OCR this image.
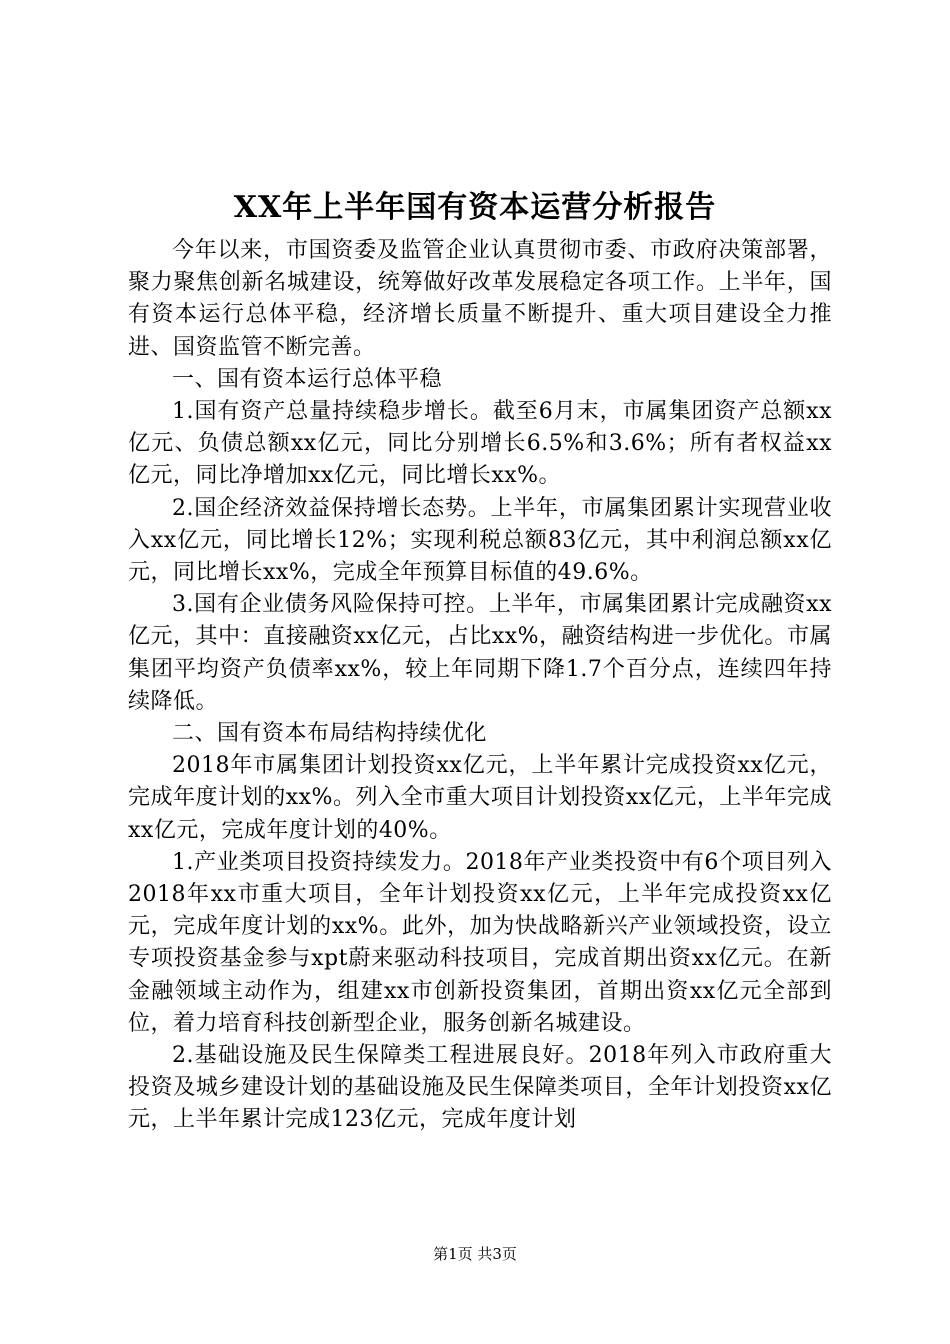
XX年上半年国有资本运营分析报告

今年以来，市国资委及监管企业认真贯彻市委、市政府决策部署，聚力聚焦创新名城建设，统筹做好改革发展稳定各项工作。上半年，国有资本运行总体平稳，经济增长质量不断提升、重大项目建设全力推进、国资监管不断完善。

一、国有资本运行总体平稳

1.国有资产总量持续稳步增长。截至6月末，市属集团资产总额xx亿元、负债总额xx亿元，同比分别增长6.5%和3.6%；所有者权益xx亿元，同比净增加xx亿元，同比增长xx%。

2.国企经济效益保持增长态势。上半年，市属集团累计实现营业收入xx亿元，同比增长12%；实现利税总额83亿元，其中利润总额xx亿元，同比增长xx%，完成全年预算目标值的49.6%。

3.国有企业债务风险保持可控。上半年，市属集团累计完成融资xx亿元，其中：直接融资xx亿元，占比xx%，融资结构进一步优化。市属集团平均资产负债率xx%，较上年同期下降1.7个百分点，连续四年持续降低。

二、国有资本布局结构持续优化

2018年市属集团计划投资xx亿元，上半年累计完成投资xx亿元，完成年度计划的xx%。列入全市重大项目计划投资xx亿元，上半年完成xx亿元，完成年度计划的40%。

1.产业类项目投资持续发力。2018年产业类投资中有6个项目列入2018年xx市重大项目，全年计划投资xx亿元，上半年完成投资xx亿元，完成年度计划的xx%。此外，加为快战略新兴产业领域投资，设立专项投资基金参与xpt蔚来驱动科技项目，完成首期出资xx亿元。在新金融领域主动作为，组建xx市创新投资集团，首期出资xx亿元全部到位，着力培育科技创新型企业，服务创新名城建设。

2.基础设施及民生保障类工程进展良好。2018年列入市政府重大投资及城乡建设计划的基础设施及民生保障类项目，全年计划投资xx亿元，上半年累计完成123亿元，完成年度计划

第1页 共3页
